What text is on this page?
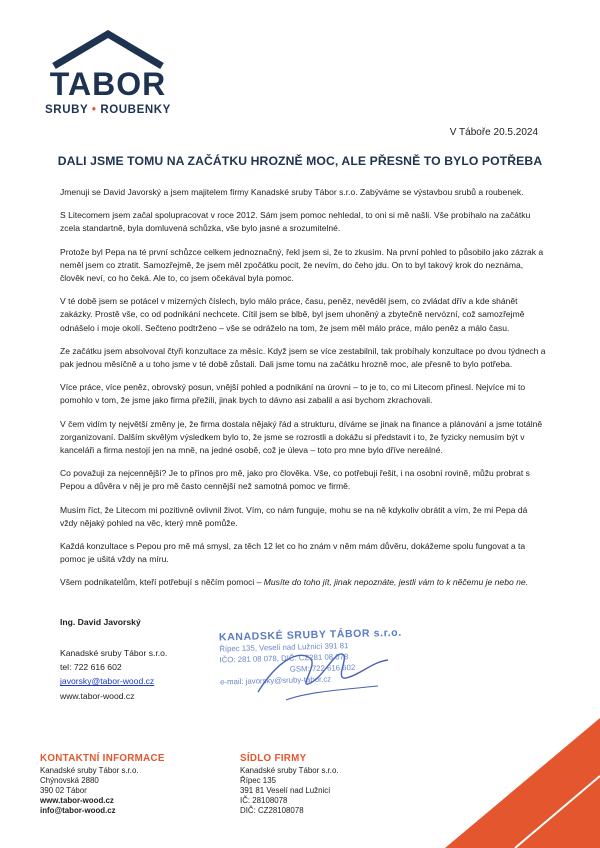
TABOR
SRUBY • ROUBENKY
V Táboře 20.5.2024
DALI JSME TOMU NA ZAČÁTKU HROZNĚ MOC, ALE PŘESNĚ TO BYLO POTŘEBA

Jmenuji se David Javorský a jsem majitelem firmy Kanadské sruby Tábor s.r.o. Zabýváme se výstavbou srubů a roubenek.

S Litecomem jsem začal spolupracovat v roce 2012. Sám jsem pomoc nehledal, to oni si mě našli. Vše probíhalo na začátku zcela standartně, byla domluvená schůzka, vše bylo jasné a srozumitelné.

Protože byl Pepa na té první schůzce celkem jednoznačný, řekl jsem si, že to zkusím. Na první pohled to působilo jako zázrak a neměl jsem co ztratit. Samozřejmě, že jsem měl zpočátku pocit, že nevím, do čeho jdu. On to byl takový krok do neznáma, člověk neví, co ho čeká. Ale to, co jsem očekával byla pomoc.

V té době jsem se potácel v mizerných číslech, bylo málo práce, času, peněz, nevěděl jsem, co zvládat dřív a kde shánět zakázky. Prostě vše, co od podnikání nechcete. Cítil jsem se blbě, byl jsem uhoněný a zbytečně nervózní, což samozřejmě odnášelo i moje okolí. Sečteno podtrženo – vše se odráželo na tom, že jsem měl málo práce, málo peněz a málo času.

Ze začátku jsem absolvoval čtyři konzultace za měsíc. Když jsem se více zestabilnil, tak probíhaly konzultace po dvou týdnech a pak jednou měsíčně a u toho jsme v té době zůstali. Dali jsme tomu na začátku hrozně moc, ale přesně to bylo potřeba.

Více práce, více peněz, obrovský posun, vnější pohled a podnikání na úrovni – to je to, co mi Litecom přinesl. Nejvíce mi to pomohlo v tom, že jsme jako firma přežili, jinak bych to dávno asi zabalil a asi bychom zkrachovali.

V čem vidím ty největší změny je, že firma dostala nějaký řád a strukturu, díváme se jinak na finance a plánování a jsme totálně zorganizovaní. Dalším skvělým výsledkem bylo to, že jsme se rozrostli a dokážu si představit i to, že fyzicky nemusím být v kanceláři a firma nestojí jen na mně, na jedné osobě, což je úleva – toto pro mne bylo dříve nereálné.

Co považuji za nejcennější? Je to přínos pro mě, jako pro člověka. Vše, co potřebuji řešit, i na osobní rovině, můžu probrat s Pepou a důvěra v něj je pro mě často cennější než samotná pomoc ve firmě.

Musím říct, že Litecom mi pozitivně ovlivnil život. Vím, co nám funguje, mohu se na ně kdykoliv obrátit a vím, že mi Pepa dá vždy nějaký pohled na věc, který mně pomůže.

Každá konzultace s Pepou pro mě má smysl, za těch 12 let co ho znám v něm mám důvěru, dokážeme spolu fungovat a ta pomoc je ušitá vždy na míru.

Všem podnikatelům, kteří potřebují s něčím pomoci – Musíte do toho jít, jinak nepoznáte, jestli vám to k něčemu je nebo ne.

Ing. David Javorský
Kanadské sruby Tábor s.r.o.
tel: 722 616 602
javorsky@tabor-wood.cz
www.tabor-wood.cz
KANADSKÉ SRUBY TÁBOR s.r.o.
Řípec 135, Veselí nad Lužnicí 391 81
IČO: 281 08 078, DIČ: CZ281 08 078
GSM: 722 616 602
e-mail: javorsky@sruby-tabor.cz
KONTAKTNÍ INFORMACE
Kanadské sruby Tábor s.r.o.
Chýnovská 2880
390 02 Tábor
www.tabor-wood.cz
info@tabor-wood.cz
SÍDLO FIRMY
Kanadské sruby Tábor s.r.o.
Řípec 135
391 81 Veselí nad Lužnicí
IČ: 28108078
DIČ: CZ28108078
